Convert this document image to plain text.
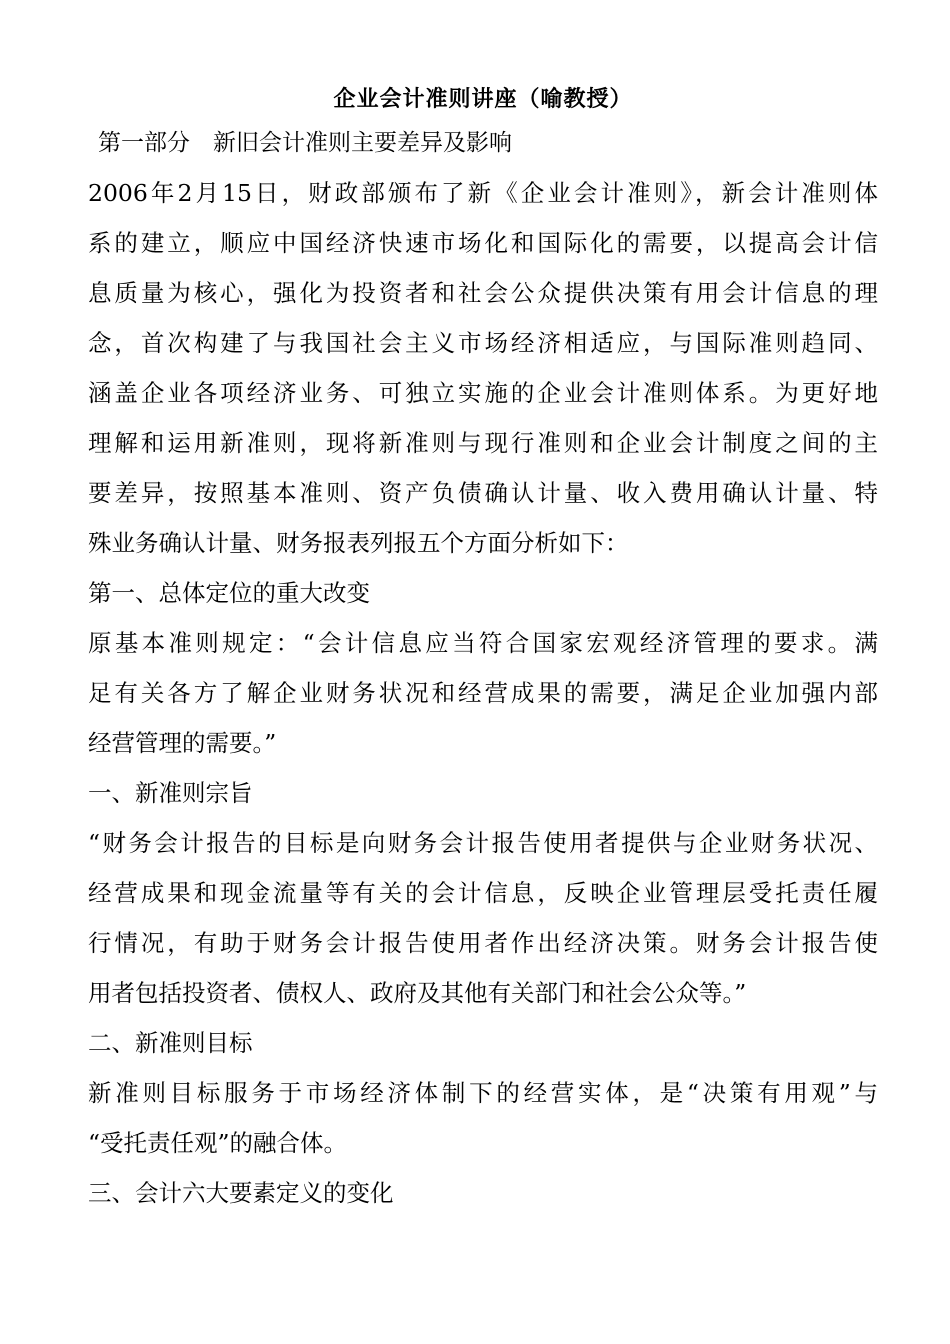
企业会计准则讲座（喻教授）
第一部分　新旧会计准则主要差异及影响
2006年2月15日，财政部颁布了新《企业会计准则》，新会计准则体
系的建立，顺应中国经济快速市场化和国际化的需要，以提高会计信
息质量为核心，强化为投资者和社会公众提供决策有用会计信息的理
念，首次构建了与我国社会主义市场经济相适应，与国际准则趋同、
涵盖企业各项经济业务、可独立实施的企业会计准则体系。为更好地
理解和运用新准则，现将新准则与现行准则和企业会计制度之间的主
要差异，按照基本准则、资产负债确认计量、收入费用确认计量、特
殊业务确认计量、财务报表列报五个方面分析如下：
第一、总体定位的重大改变
原基本准则规定：“会计信息应当符合国家宏观经济管理的要求。满
足有关各方了解企业财务状况和经营成果的需要，满足企业加强内部
经营管理的需要。”
一、新准则宗旨
“财务会计报告的目标是向财务会计报告使用者提供与企业财务状况、
经营成果和现金流量等有关的会计信息，反映企业管理层受托责任履
行情况，有助于财务会计报告使用者作出经济决策。财务会计报告使
用者包括投资者、债权人、政府及其他有关部门和社会公众等。”
二、新准则目标
新准则目标服务于市场经济体制下的经营实体，是“决策有用观”与
“受托责任观”的融合体。
三、会计六大要素定义的变化
